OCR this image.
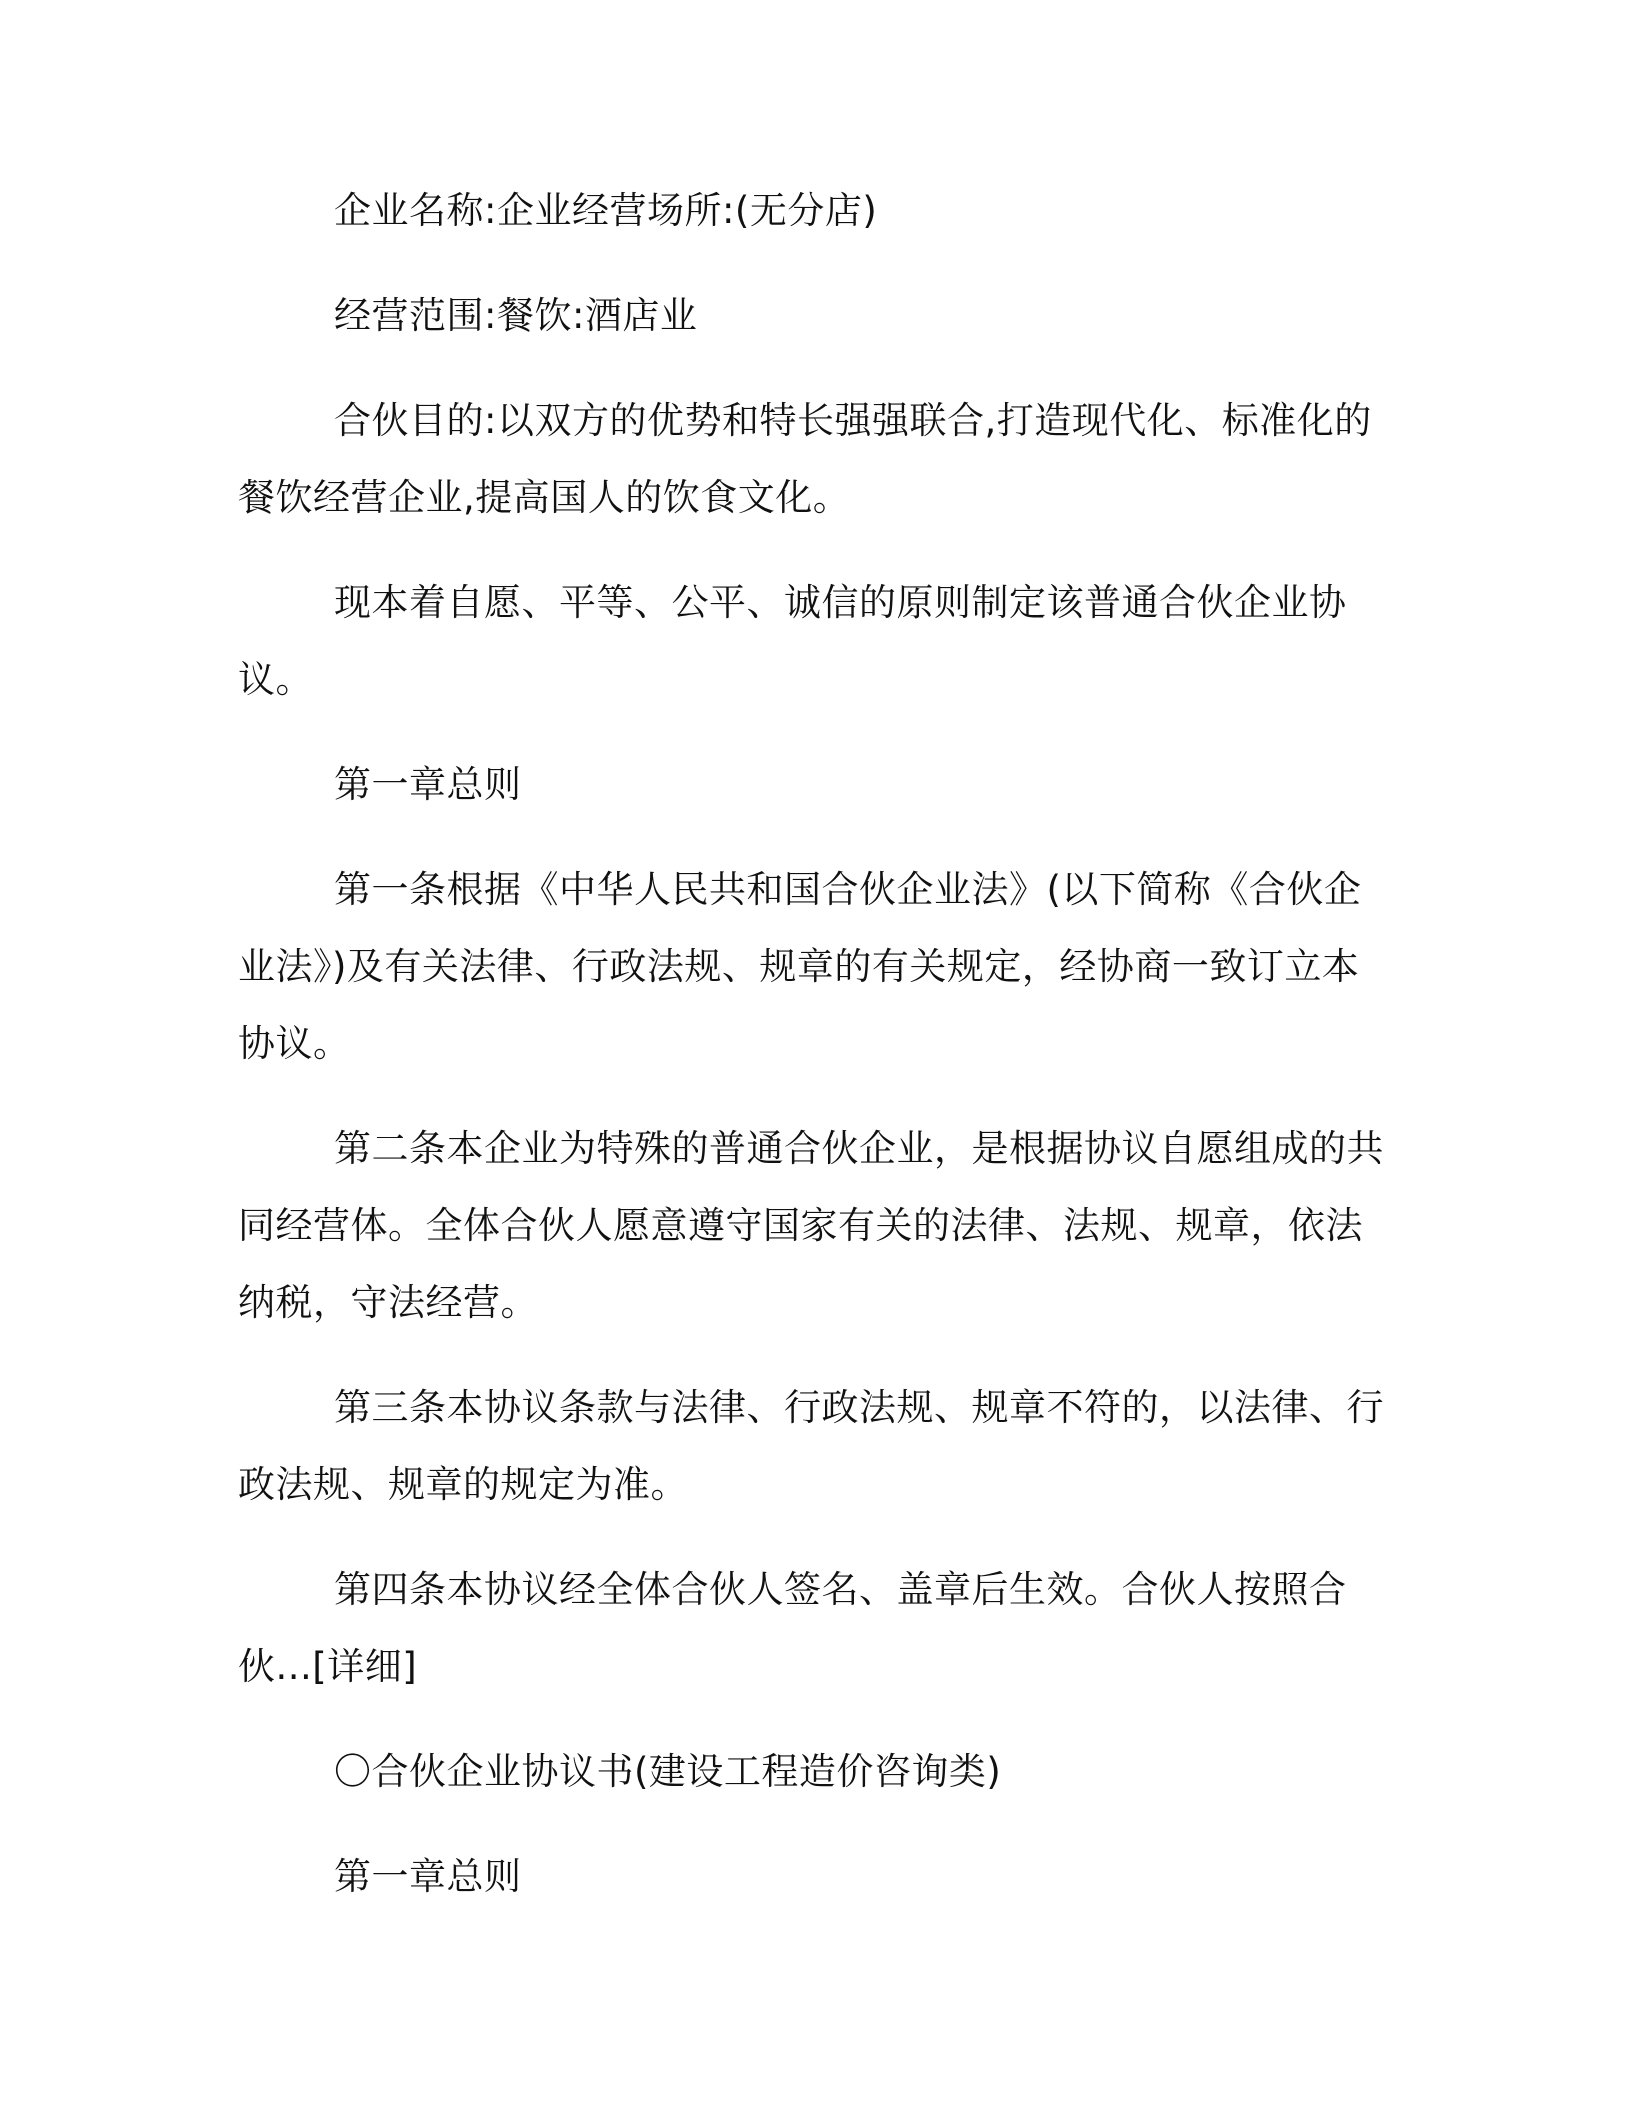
企业名称:企业经营场所:(无分店)

经营范围:餐饮:酒店业

合伙目的:以双方的优势和特长强强联合,打造现代化、标准化的餐饮经营企业,提高国人的饮食文化。

现本着自愿、平等、公平、诚信的原则制定该普通合伙企业协议。

第一章总则

第一条根据《中华人民共和国合伙企业法》(以下简称《合伙企业法》)及有关法律、行政法规、规章的有关规定，经协商一致订立本协议。

第二条本企业为特殊的普通合伙企业，是根据协议自愿组成的共同经营体。全体合伙人愿意遵守国家有关的法律、法规、规章，依法纳税，守法经营。

第三条本协议条款与法律、行政法规、规章不符的，以法律、行政法规、规章的规定为准。

第四条本协议经全体合伙人签名、盖章后生效。合伙人按照合伙...[详细]

〇合伙企业协议书(建设工程造价咨询类)

第一章总则
